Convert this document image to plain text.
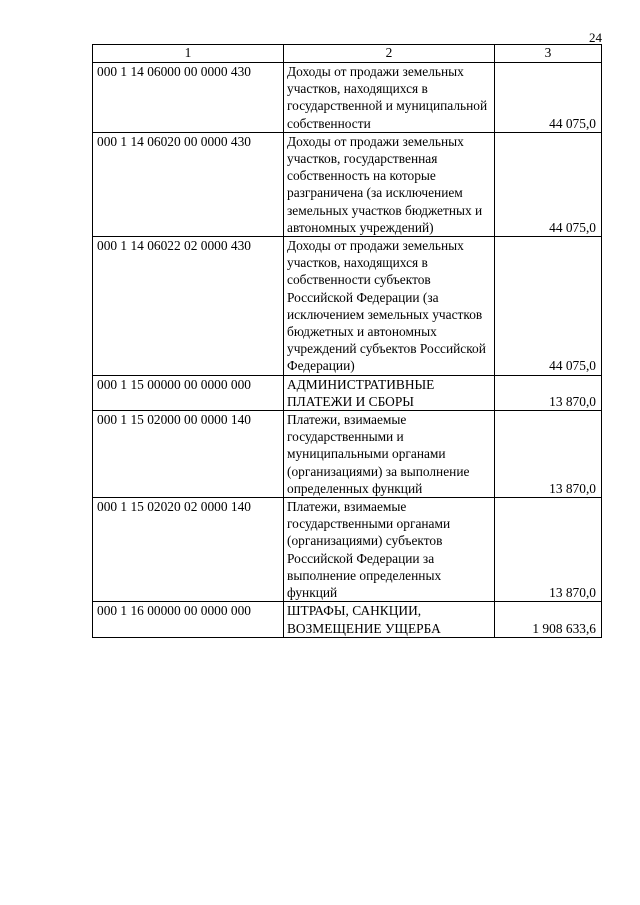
24
1	2	3
000 1 14 06000 00 0000 430	Доходы от продажи земельных участков, находящихся в государственной и муниципальной собственности	44 075,0
000 1 14 06020 00 0000 430	Доходы от продажи земельных участков, государственная собственность на которые разграничена (за исключением земельных участков бюджетных и автономных учреждений)	44 075,0
000 1 14 06022 02 0000 430	Доходы от продажи земельных участков, находящихся в собственности субъектов Российской Федерации (за исключением земельных участков бюджетных и автономных учреждений субъектов Российской Федерации)	44 075,0
000 1 15 00000 00 0000 000	АДМИНИСТРАТИВНЫЕ ПЛАТЕЖИ И СБОРЫ	13 870,0
000 1 15 02000 00 0000 140	Платежи, взимаемые государственными и муниципальными органами (организациями) за выполнение определенных функций	13 870,0
000 1 15 02020 02 0000 140	Платежи, взимаемые государственными органами (организациями) субъектов Российской Федерации за выполнение определенных функций	13 870,0
000 1 16 00000 00 0000 000	ШТРАФЫ, САНКЦИИ, ВОЗМЕЩЕНИЕ УЩЕРБА	1 908 633,6
